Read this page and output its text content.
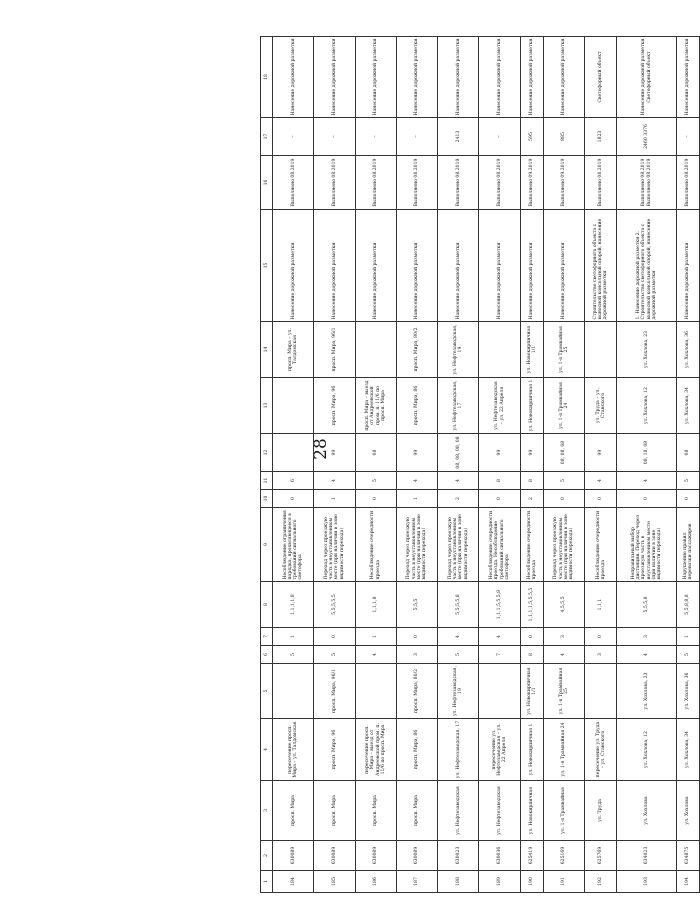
28
1	2	3	4	5	6	7	8	9	10	11	12	13	14	15	16	17	18
184	630089	просп. Мира	пересечение просп. Мира – ул. Талдомская		5	1	1,1,1,1,8	Несоблюдение ограничения порядка, проявляющееся в требований сигнального светофора	0	6			просп. Мира – ул. Талдомская	Нанесение дорожной разметки	Выполнено 08.2019	–	Нанесение дорожной разметки
185	630089	просп. Мира	просп. Мира, 96	просп. Мира, 96/1	5	0	5,5,5,5,5	Переход через проезжую часть в неустановленном месте (при наличии в зоне видимости перехода)	1	4	99	просп. Мира, 96	просп. Мира, 96/1	Нанесение дорожной разметки	Выполнено 08.2019	–	Нанесение дорожной разметки
186	630089	просп. Мира	пересечение просп. Мира – выезд от Андреевской пром. п. 11/6 по просп. Мира		4	1	1,1,1,8	Несоблюдение очередности проезда	0	5	08	просп. Мира – выезд от Андреевской пром. п. 11/6 по просп. Мира		Нанесение дорожной разметки	Выполнено 08.2019	–	Нанесение дорожной разметки
187	630089	просп. Мира	просп. Мира, 86	просп. Мира, 80/2	3	0	5,5,5	Переход через проезжую часть в неустановленном месте (при наличии в зоне видимости перехода)	1	4	99	просп. Мира, 86	просп. Мира, 80/2	Нанесение дорожной разметки	Выполнено 08.2019	–	Нанесение дорожной разметки
188	630023	ул. Нефтезаводская	ул. Нефтезаводская, 17	ул. Нефтезаводская, 19	5	4	5,5,5,5,8	Переход через проезжую часть в неустановленном месте (при наличии в зоне видимости перехода)	2	4	08, 08, 08, 08	ул. Нефтезаводская, 17	ул. Нефтезаводская, 19	Нанесение дорожной разметки	Выполнено 08.2019	2413	Нанесение дорожной разметки
189	630036	ул. Нефтезаводская	пересечение ул. Нефтезаводская – ул. 22 Апреля		7	4	1,1,1,5,5,5,8	Несоблюдение очередности проезда. Несоблюдение требований сигнального светофора	0	8	99	ул. Нефтезаводская – ул. 22 Апреля		Нанесение дорожной разметки	Выполнено 08.2019	–	Нанесение дорожной разметки
190	625419	ул. Новокирпичная	ул. Новокирпичная 1	ул. Новокирпичная 1/1	8	0	1,1,1,1,5,5,5,5	Несоблюдение очередности проезда	2	8	99	ул. Новокирпичная 1	ул. Новокирпичная 1/1	Нанесение дорожной разметки	Выполнено 09.2019	595	Нанесение дорожной разметки
191	625169	ул. 1-я Трамвайная	ул. 1-я Трамвайная 24	ул. 1-я Трамвайная 25	4	3	4,5,5,5	Переход через проезжую часть в неустановленном месте (при наличии в зоне видимости перехода)	0	5	08, 08, 08	ул. 1-я Трамвайная 24	ул. 1-я Трамвайная 25	Нанесение дорожной разметки	Выполнено 09.2019	885	Нанесение дорожной разметки
192	625769	ул. Труда	пересечение ул. Труда – ул. Станского		3	0	1,1,1	Несоблюдение очередности проезда	0	4	99	ул. Труда – ул. Станского		Строительство светофорного объекта с выносной консольной опорой, нанесение дорожной разметки	Выполнено 08.2019	1823	Светофорный объект
193	634023	ул. Хохлова	ул. Хохлова, 12	ул. Хохлова, 23	4	3	5,5,5,8	Неправильный выбор дистанции. Переход через проезжую часть в неустановленном месте (при наличии в зоне видимости перехода)	0	4	08, 18, 08	ул. Хохлова, 12	ул. Хохлова, 23	1. Нанесение дорожной разметки 2. Строительство светофорного объекта с выносной консольной опорой, нанесение дорожной разметки	Выполнено 08.2019 Выполнено 08.2019	2460 3376	Нанесение дорожной разметки Светофорный объект
194	634875	ул. Хохлова	ул. Хохлова, 34	ул. Хохлова, 36	5	1	5,5,8,8,8	Нарушение правил перевозки пассажиров	0	5	08	ул. Хохлова, 34	ул. Хохлова, 36	Нанесение дорожной разметки	Выполнено 08.2019	–	Нанесение дорожной разметки
